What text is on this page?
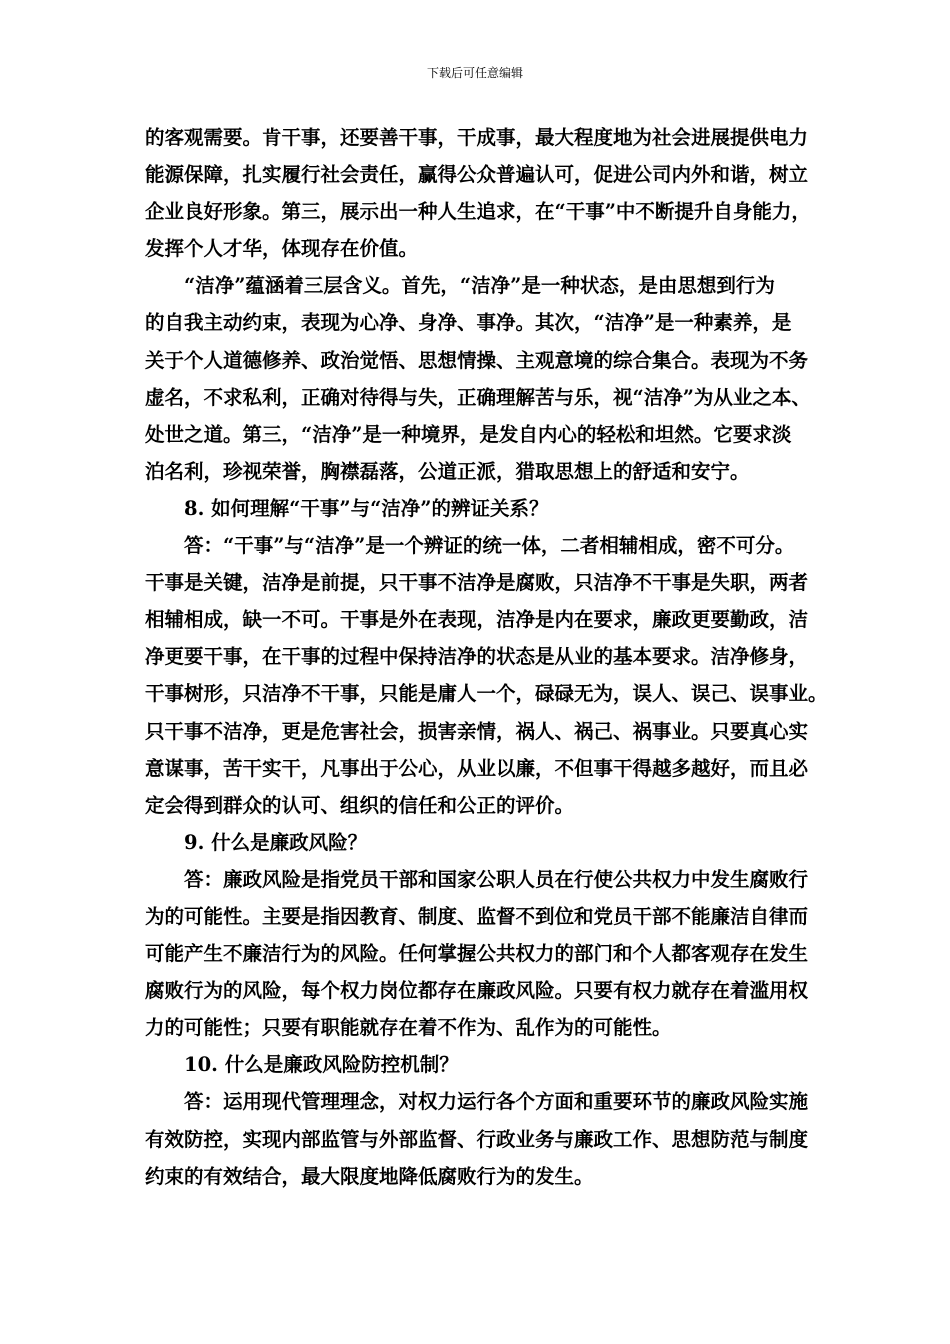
下载后可任意编辑
的客观需要。肯干事，还要善干事，干成事，最大程度地为社会进展提供电力
能源保障，扎实履行社会责任，赢得公众普遍认可，促进公司内外和谐，树立
企业良好形象。第三，展示出一种人生追求，在“干事”中不断提升自身能力，
发挥个人才华，体现存在价值。
“洁净”蕴涵着三层含义。首先，“洁净”是一种状态，是由思想到行为
的自我主动约束，表现为心净、身净、事净。其次，“洁净”是一种素养，是
关于个人道德修养、政治觉悟、思想情操、主观意境的综合集合。表现为不务
虚名，不求私利，正确对待得与失，正确理解苦与乐，视“洁净”为从业之本、
处世之道。第三，“洁净”是一种境界，是发自内心的轻松和坦然。它要求淡
泊名利，珍视荣誉，胸襟磊落，公道正派，猎取思想上的舒适和安宁。
8. 如何理解“干事”与“洁净”的辨证关系？
答：“干事”与“洁净”是一个辨证的统一体，二者相辅相成，密不可分。
干事是关键，洁净是前提，只干事不洁净是腐败，只洁净不干事是失职，两者
相辅相成，缺一不可。干事是外在表现，洁净是内在要求，廉政更要勤政，洁
净更要干事，在干事的过程中保持洁净的状态是从业的基本要求。洁净修身，
干事树形，只洁净不干事，只能是庸人一个，碌碌无为，误人、误己、误事业。
只干事不洁净，更是危害社会，损害亲情，祸人、祸己、祸事业。只要真心实
意谋事，苦干实干，凡事出于公心，从业以廉，不但事干得越多越好，而且必
定会得到群众的认可、组织的信任和公正的评价。
9. 什么是廉政风险？
答：廉政风险是指党员干部和国家公职人员在行使公共权力中发生腐败行
为的可能性。主要是指因教育、制度、监督不到位和党员干部不能廉洁自律而
可能产生不廉洁行为的风险。任何掌握公共权力的部门和个人都客观存在发生
腐败行为的风险，每个权力岗位都存在廉政风险。只要有权力就存在着滥用权
力的可能性；只要有职能就存在着不作为、乱作为的可能性。
10. 什么是廉政风险防控机制？
答：运用现代管理理念，对权力运行各个方面和重要环节的廉政风险实施
有效防控，实现内部监管与外部监督、行政业务与廉政工作、思想防范与制度
约束的有效结合，最大限度地降低腐败行为的发生。
